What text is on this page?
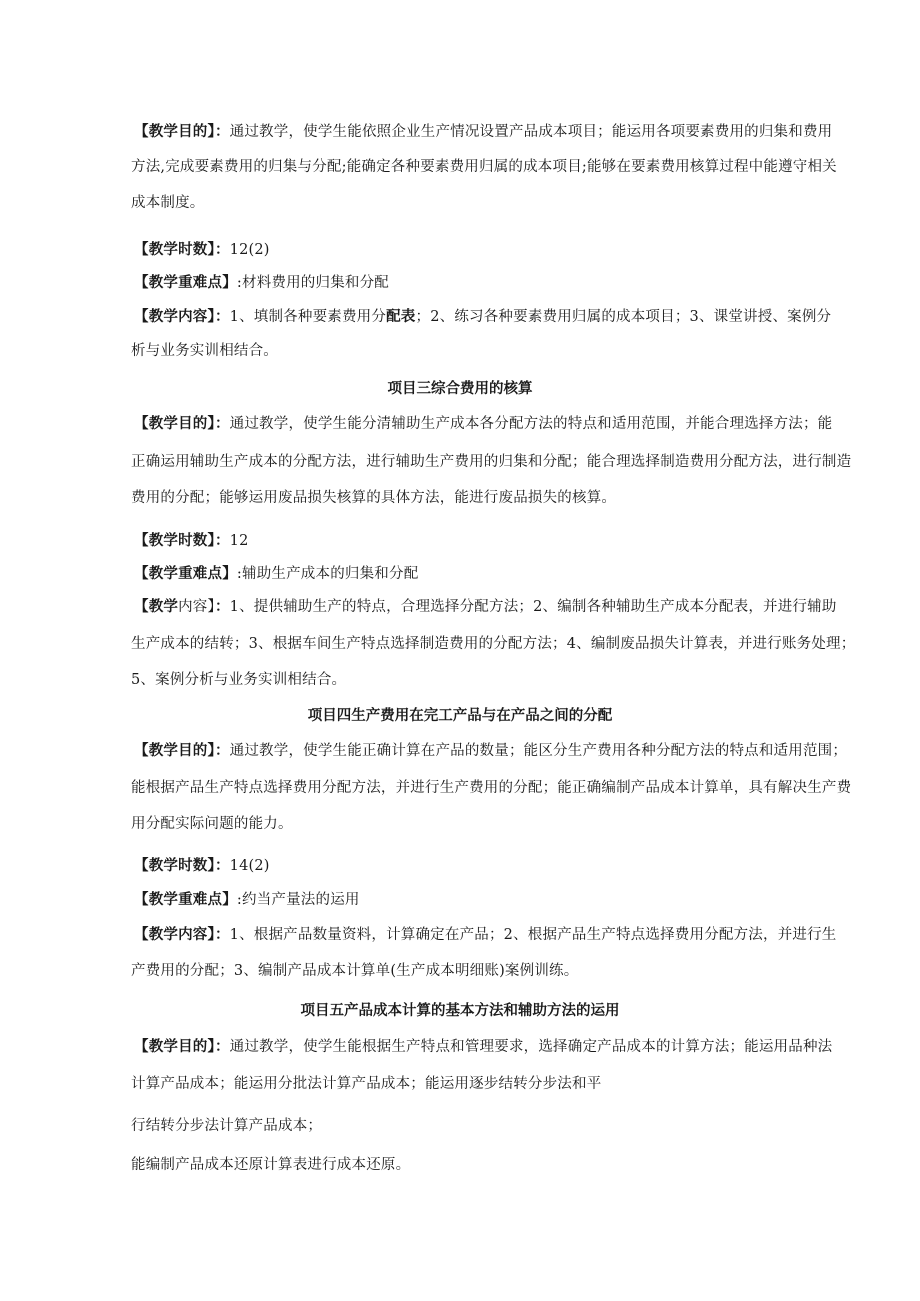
【教学目的】：通过教学，使学生能依照企业生产情况设置产品成本项目；能运用各项要素费用的归集和费用
方法,完成要素费用的归集与分配;能确定各种要素费用归属的成本项目;能够在要素费用核算过程中能遵守相关
成本制度。
【教学时数】：12(2)
【教学重难点】:材料费用的归集和分配
【教学内容】：1、填制各种要素费用分配表；2、练习各种要素费用归属的成本项目；3、课堂讲授、案例分
析与业务实训相结合。
项目三综合费用的核算
【教学目的】：通过教学，使学生能分清辅助生产成本各分配方法的特点和适用范围，并能合理选择方法；能
正确运用辅助生产成本的分配方法，进行辅助生产费用的归集和分配；能合理选择制造费用分配方法，进行制造
费用的分配；能够运用废品损失核算的具体方法，能进行废品损失的核算。
【教学时数】：12
【教学重难点】:辅助生产成本的归集和分配
【教学内容】：1、提供辅助生产的特点，合理选择分配方法；2、编制各种辅助生产成本分配表，并进行辅助
生产成本的结转；3、根据车间生产特点选择制造费用的分配方法；4、编制废品损失计算表，并进行账务处理；
5、案例分析与业务实训相结合。
项目四生产费用在完工产品与在产品之间的分配
【教学目的】：通过教学，使学生能正确计算在产品的数量；能区分生产费用各种分配方法的特点和适用范围；
能根据产品生产特点选择费用分配方法，并进行生产费用的分配；能正确编制产品成本计算单，具有解决生产费
用分配实际问题的能力。
【教学时数】：14(2)
【教学重难点】:约当产量法的运用
【教学内容】：1、根据产品数量资料，计算确定在产品；2、根据产品生产特点选择费用分配方法，并进行生
产费用的分配；3、编制产品成本计算单(生产成本明细账)案例训练。
项目五产品成本计算的基本方法和辅助方法的运用
【教学目的】：通过教学，使学生能根据生产特点和管理要求，选择确定产品成本的计算方法；能运用品种法
计算产品成本；能运用分批法计算产品成本；能运用逐步结转分步法和平
行结转分步法计算产品成本；
能编制产品成本还原计算表进行成本还原。
